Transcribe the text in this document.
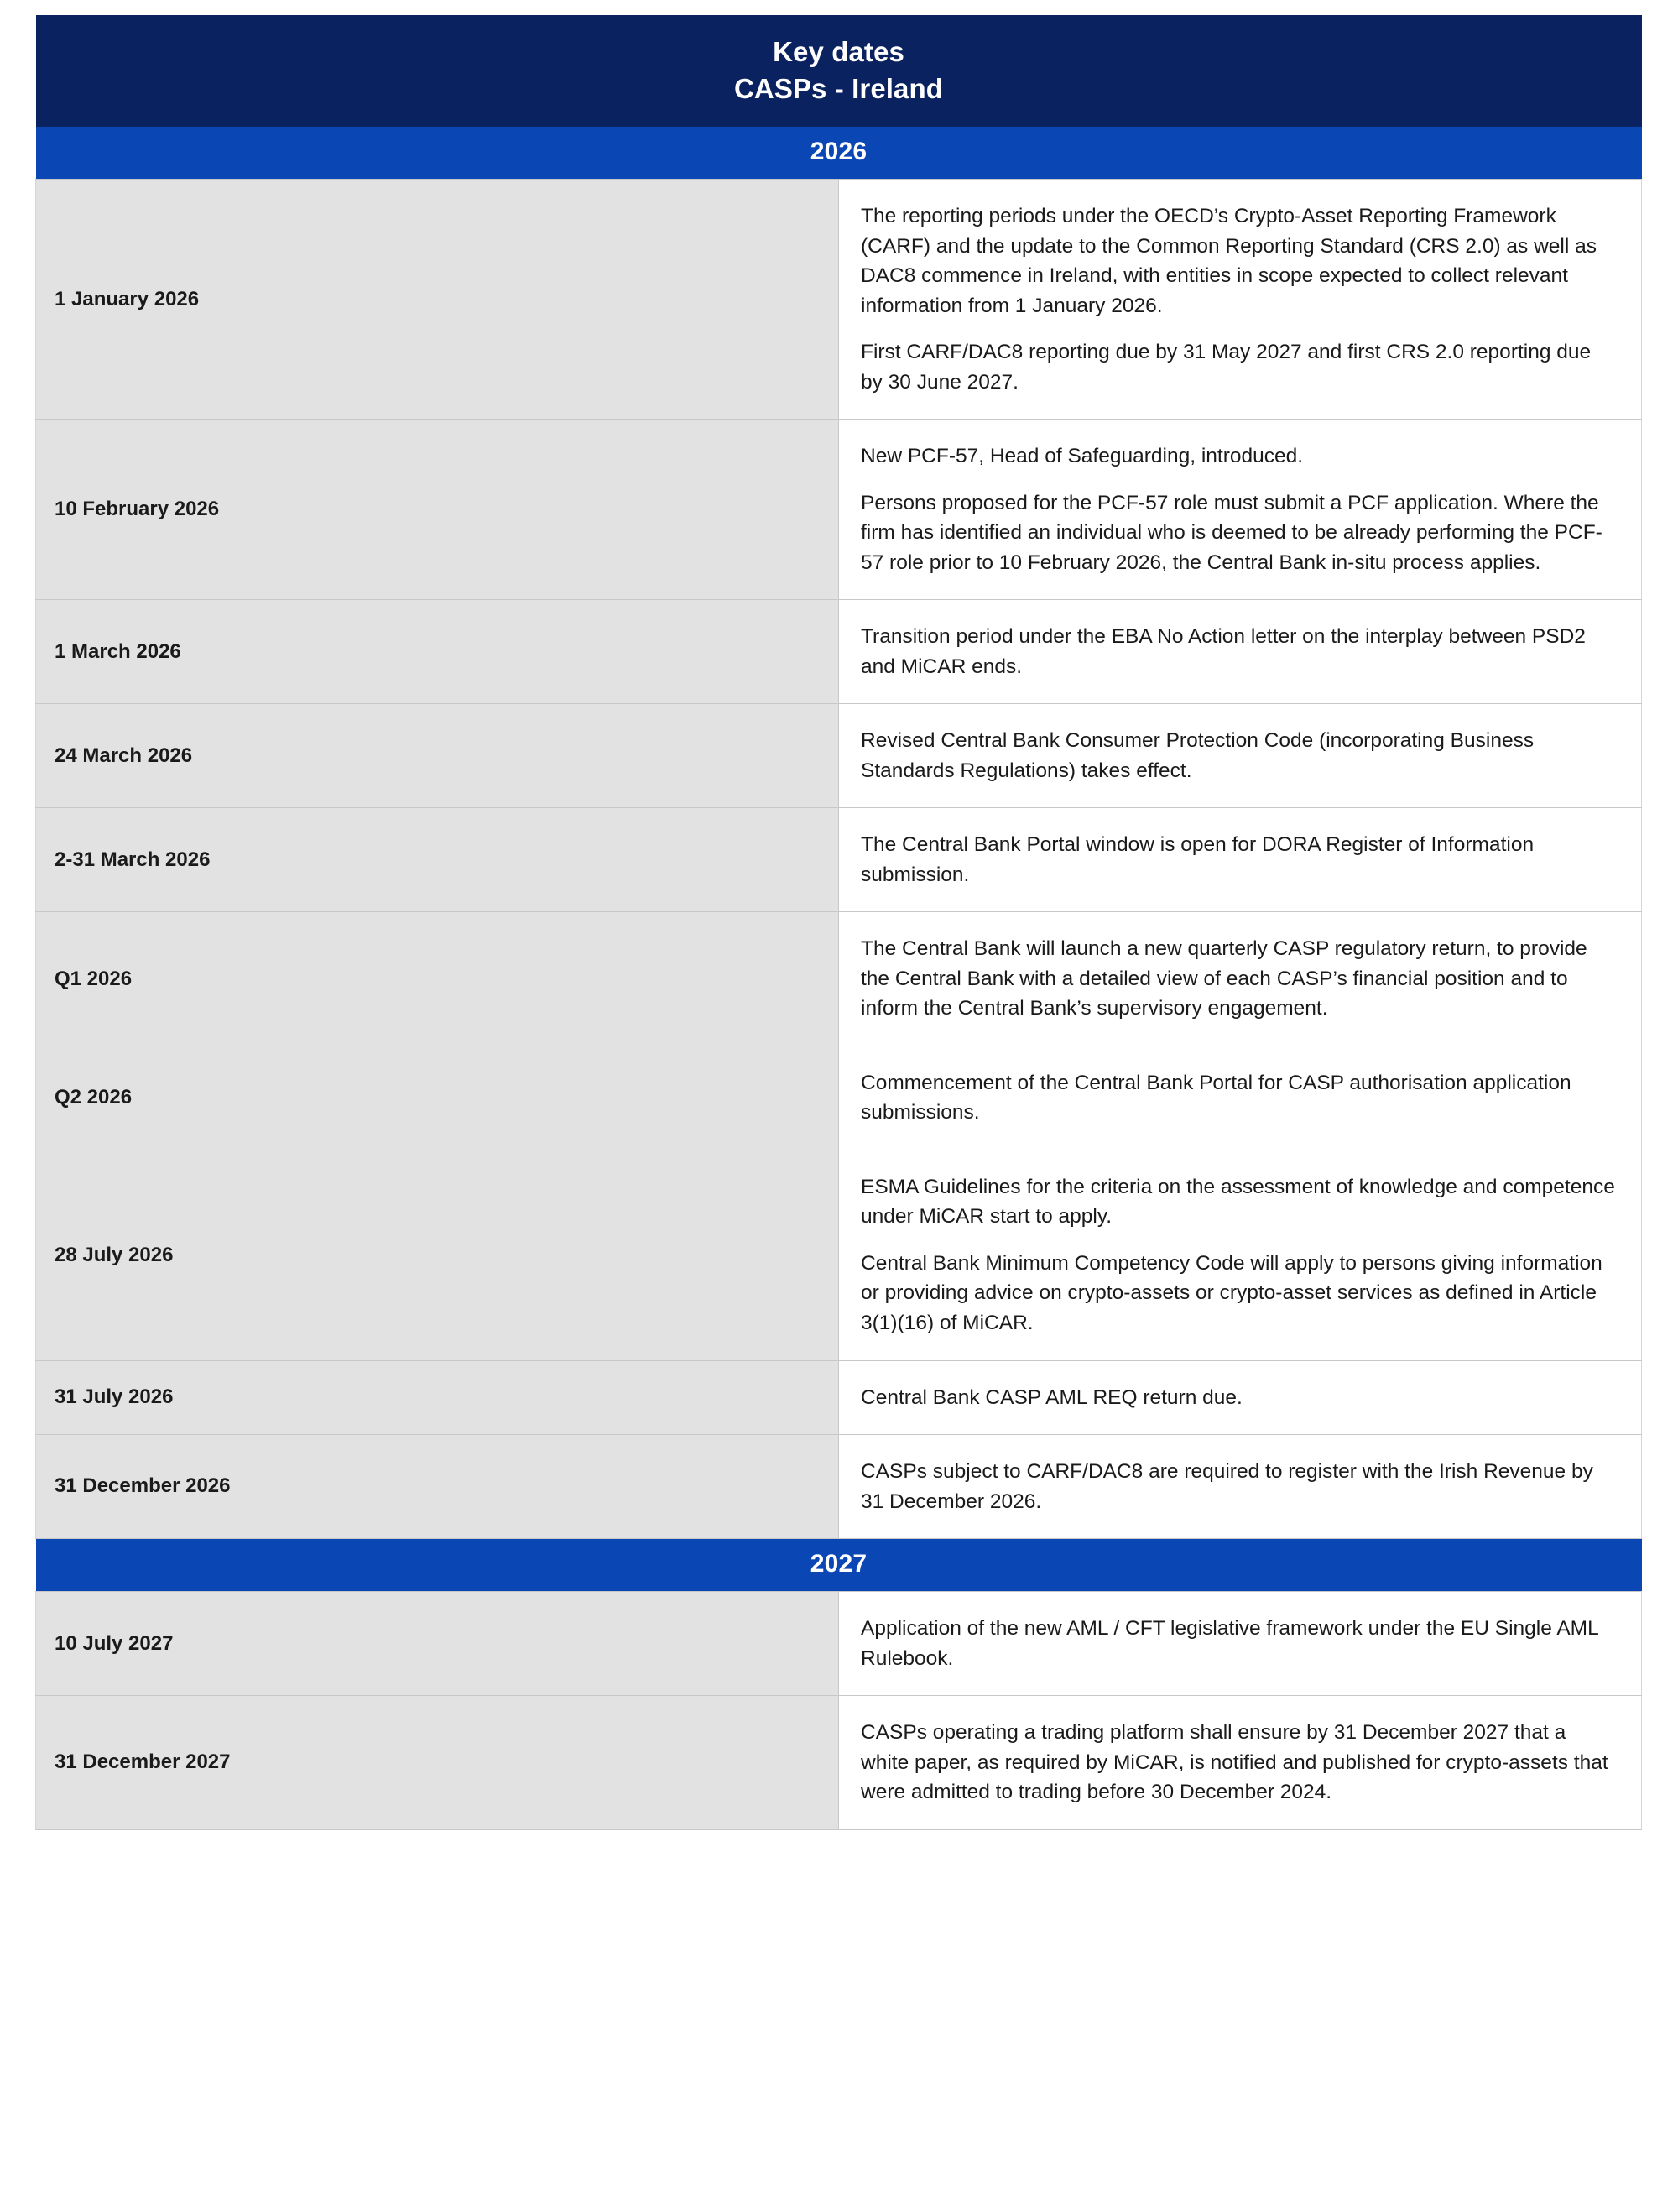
Key dates
CASPs - Ireland	

2026	
1 January 2026	The reporting periods under the OECD’s Crypto-Asset Reporting Framework (CARF) and the update to the Common Reporting Standard (CRS 2.0) as well as DAC8 commence in Ireland, with entities in scope expected to collect relevant information from 1 January 2026.

First CARF/DAC8 reporting due by 31 May 2027 and first CRS 2.0 reporting due by 30 June 2027.

10 February 2026	New PCF-57, Head of Safeguarding, introduced.

Persons proposed for the PCF-57 role must submit a PCF application. Where the firm has identified an individual who is deemed to be already performing the PCF-57 role prior to 10 February 2026, the Central Bank in-situ process applies.

1 March 2026	Transition period under the EBA No Action letter on the interplay between PSD2 and MiCAR ends.

24 March 2026	Revised Central Bank Consumer Protection Code (incorporating Business Standards Regulations) takes effect.

2-31 March 2026	The Central Bank Portal window is open for DORA Register of Information submission.

Q1 2026	The Central Bank will launch a new quarterly CASP regulatory return, to provide the Central Bank with a detailed view of each CASP’s financial position and to inform the Central Bank’s supervisory engagement.

Q2 2026	Commencement of the Central Bank Portal for CASP authorisation application submissions.

28 July 2026	ESMA Guidelines for the criteria on the assessment of knowledge and competence under MiCAR start to apply.

Central Bank Minimum Competency Code will apply to persons giving information or providing advice on crypto-assets or crypto-asset services as defined in Article 3(1)(16) of MiCAR.

31 July 2026	Central Bank CASP AML REQ return due.

31 December 2026	CASPs subject to CARF/DAC8 are required to register with the Irish Revenue by 31 December 2026.

2027	
10 July 2027	Application of the new AML / CFT legislative framework under the EU Single AML Rulebook.

31 December 2027	CASPs operating a trading platform shall ensure by 31 December 2027 that a white paper, as required by MiCAR, is notified and published for crypto-assets that were admitted to trading before 30 December 2024.
